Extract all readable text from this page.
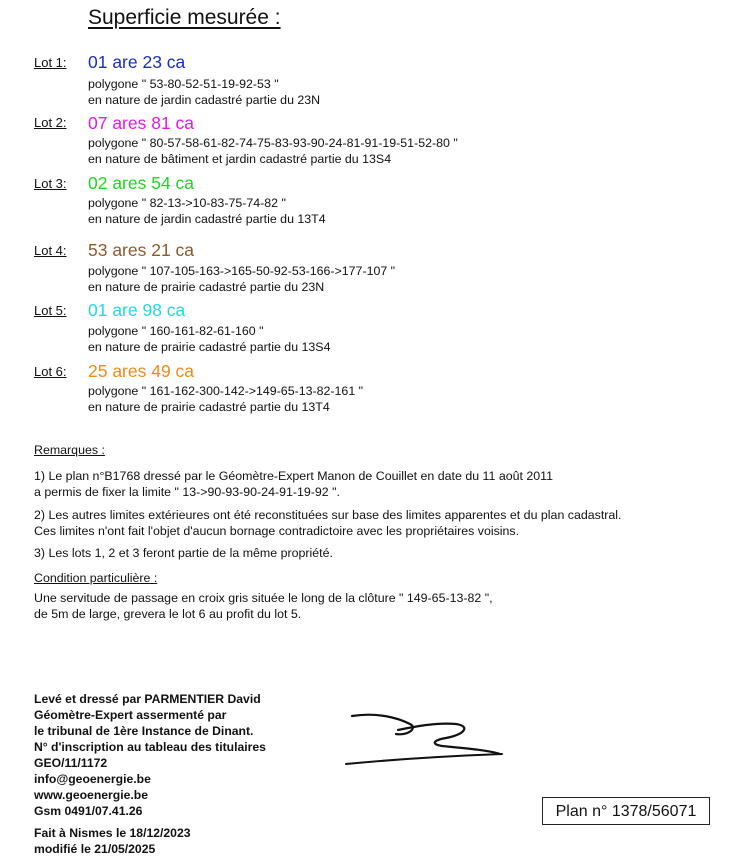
Superficie mesurée :
Lot 1: 01 are 23 ca
polygone " 53-80-52-51-19-92-53 "
en nature de jardin cadastré partie du 23N
Lot 2: 07 ares 81 ca
polygone " 80-57-58-61-82-74-75-83-93-90-24-81-91-19-51-52-80 "
en nature de bâtiment et jardin cadastré partie du 13S4
Lot 3: 02 ares 54 ca
polygone " 82-13->10-83-75-74-82 "
en nature de jardin cadastré partie du 13T4
Lot 4: 53 ares 21 ca
polygone " 107-105-163->165-50-92-53-166->177-107 "
en nature de prairie cadastré partie du 23N
Lot 5: 01 are 98 ca
polygone " 160-161-82-61-160 "
en nature de prairie cadastré partie du 13S4
Lot 6: 25 ares 49 ca
polygone " 161-162-300-142->149-65-13-82-161 "
en nature de prairie cadastré partie du 13T4
Remarques :
1) Le plan n°B1768 dressé par le Géomètre-Expert Manon de Couillet en date du 11 août 2011
a permis de fixer la limite " 13->90-93-90-24-91-19-92 ".
2) Les autres limites extérieures ont été reconstituées sur base des limites apparentes et du plan cadastral.
Ces limites n'ont fait l'objet d'aucun bornage contradictoire avec les propriétaires voisins.
3) Les lots 1, 2 et 3 feront partie de la même propriété.
Condition particulière :
Une servitude de passage en croix gris située le long de la clôture " 149-65-13-82 ",
de 5m de large, grevera le lot 6 au profit du lot 5.
Levé et dressé par PARMENTIER David
Géomètre-Expert assermenté par
le tribunal de 1ère Instance de Dinant.
N° d'inscription au tableau des titulaires
GEO/11/1172
info@geoenergie.be
www.geoenergie.be
Gsm 0491/07.41.26
Fait à Nismes le 18/12/2023
modifié le 21/05/2025
Plan n° 1378/56071
